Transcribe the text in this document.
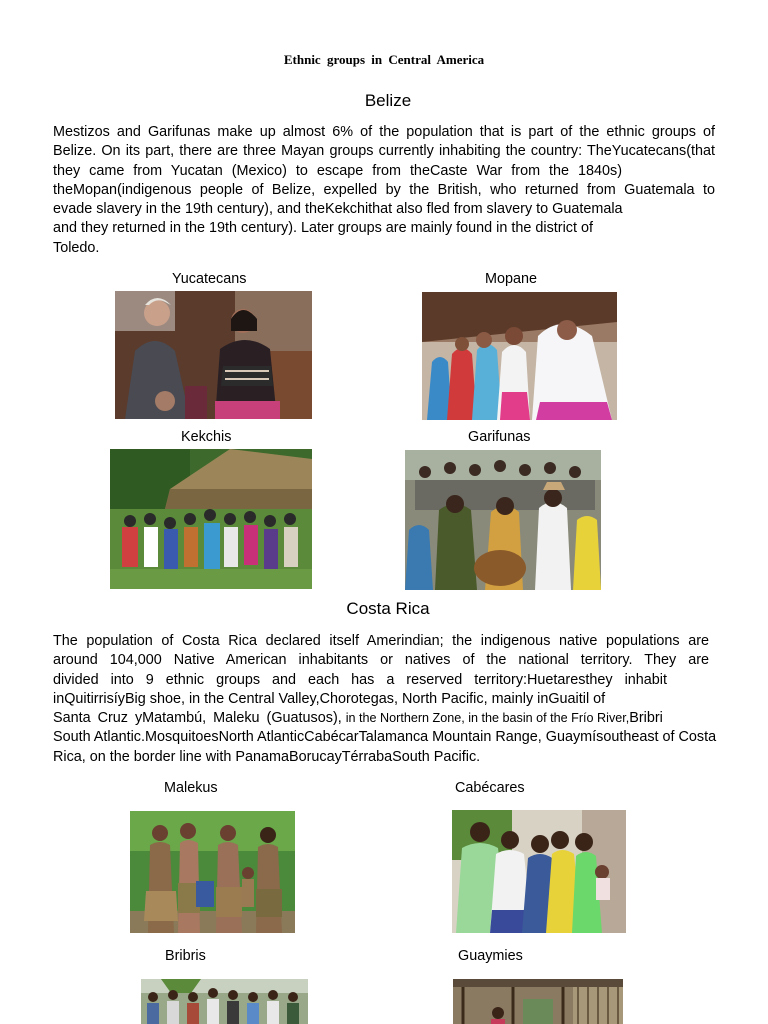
Ethnic groups in Central America
Belize
Mestizos and Garifunas make up almost 6% of the population that is part of the ethnic groups of
Belize. On its part, there are three Mayan groups currently inhabiting the country: TheYucatecans(that
they came from Yucatan (Mexico) to escape from theCaste War from the 1840s)
theMopan(indigenous people of Belize, expelled by the British, who returned from Guatemala to
evade slavery in the 19th century), and theKekchithat also fled from slavery to Guatemala
and they returned in the 19th century). Later groups are mainly found in the district of
Toledo.
Yucatecans	Mopane
Kekchis	Garifunas
Costa Rica
The population of Costa Rica declared itself Amerindian; the indigenous native populations are
around 104,000 Native American inhabitants or natives of the national territory. They are
divided into 9 ethnic groups and each has a reserved territory:Huetaresthey inhabit
inQuitirrisíyBig shoe, in the Central Valley,Chorotegas, North Pacific, mainly inGuaitil of
Santa Cruz yMatambú, Maleku (Guatusos), in the Northern Zone, in the basin of the Frío River,Bribri
South Atlantic.MosquitoesNorth AtlanticCabécarTalamanca Mountain Range, Guaymísoutheast of Costa
Rica, on the border line with PanamaBorucayTérrabaSouth Pacific.
Malekus	Cabécares
Bribris	Guaymies
